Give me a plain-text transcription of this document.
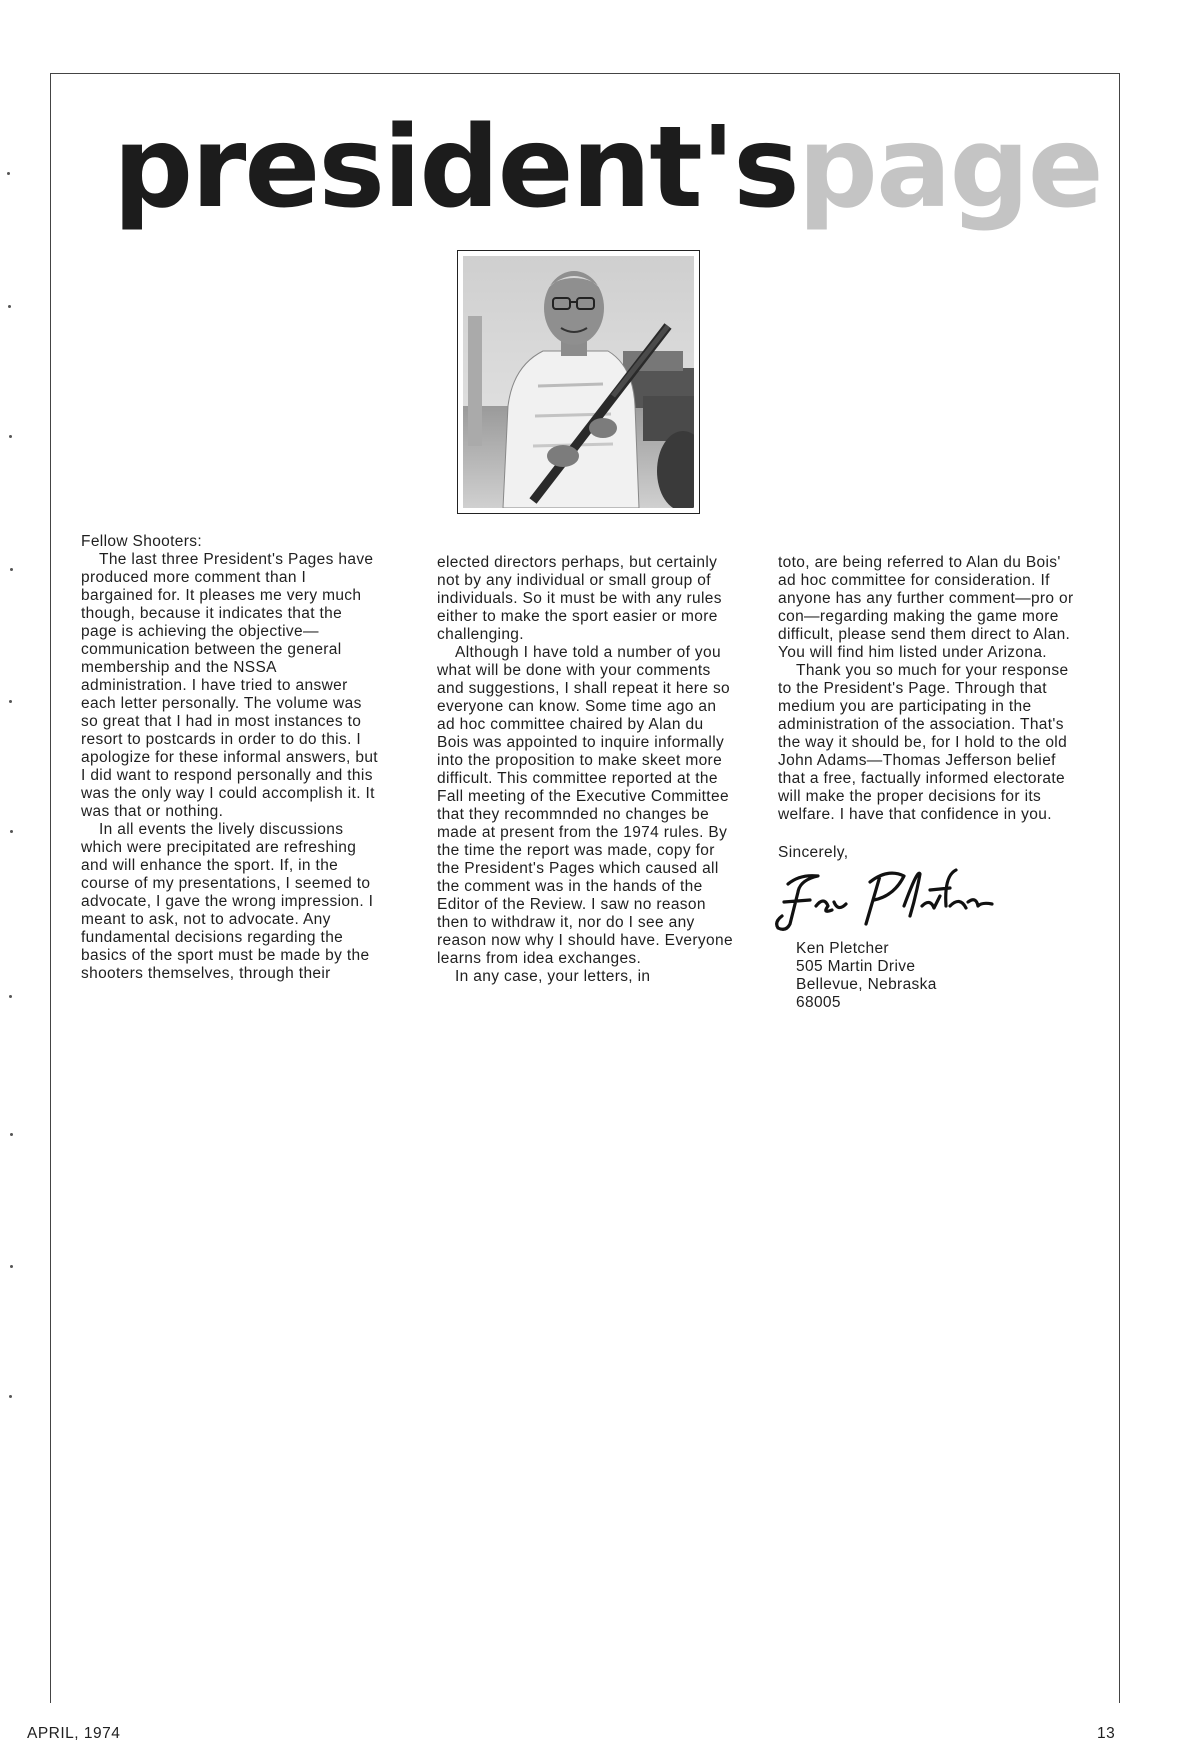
president'spage

Fellow Shooters:

The last three President's Pages have produced more comment than I bargained for. It pleases me very much though, because it indicates that the page is achieving the objective—communication between the general membership and the NSSA administration. I have tried to answer each letter personally. The volume was so great that I had in most instances to resort to postcards in order to do this. I apologize for these informal answers, but I did want to respond personally and this was the only way I could accomplish it. It was that or nothing.

In all events the lively discussions which were precipitated are refreshing and will enhance the sport. If, in the course of my presentations, I seemed to advocate, I gave the wrong impression. I meant to ask, not to advocate. Any fundamental decisions regarding the basics of the sport must be made by the shooters themselves, through their

elected directors perhaps, but certainly not by any individual or small group of individuals. So it must be with any rules either to make the sport easier or more challenging.

Although I have told a number of you what will be done with your comments and suggestions, I shall repeat it here so everyone can know. Some time ago an ad hoc committee chaired by Alan du Bois was appointed to inquire informally into the proposition to make skeet more difficult. This committee reported at the Fall meeting of the Executive Committee that they recommnded no changes be made at present from the 1974 rules. By the time the report was made, copy for the President's Pages which caused all the comment was in the hands of the Editor of the Review. I saw no reason then to withdraw it, nor do I see any reason now why I should have. Everyone learns from idea exchanges.

In any case, your letters, in

toto, are being referred to Alan du Bois' ad hoc committee for consideration. If anyone has any further comment—pro or con—regarding making the game more difficult, please send them direct to Alan. You will find him listed under Arizona.

Thank you so much for your response to the President's Page. Through that medium you are participating in the administration of the association. That's the way it should be, for I hold to the old John Adams—Thomas Jefferson belief that a free, factually informed electorate will make the proper decisions for its welfare. I have that confidence in you.

Sincerely,

Ken Pletcher

505 Martin Drive

Bellevue, Nebraska

68005

APRIL, 1974	13
